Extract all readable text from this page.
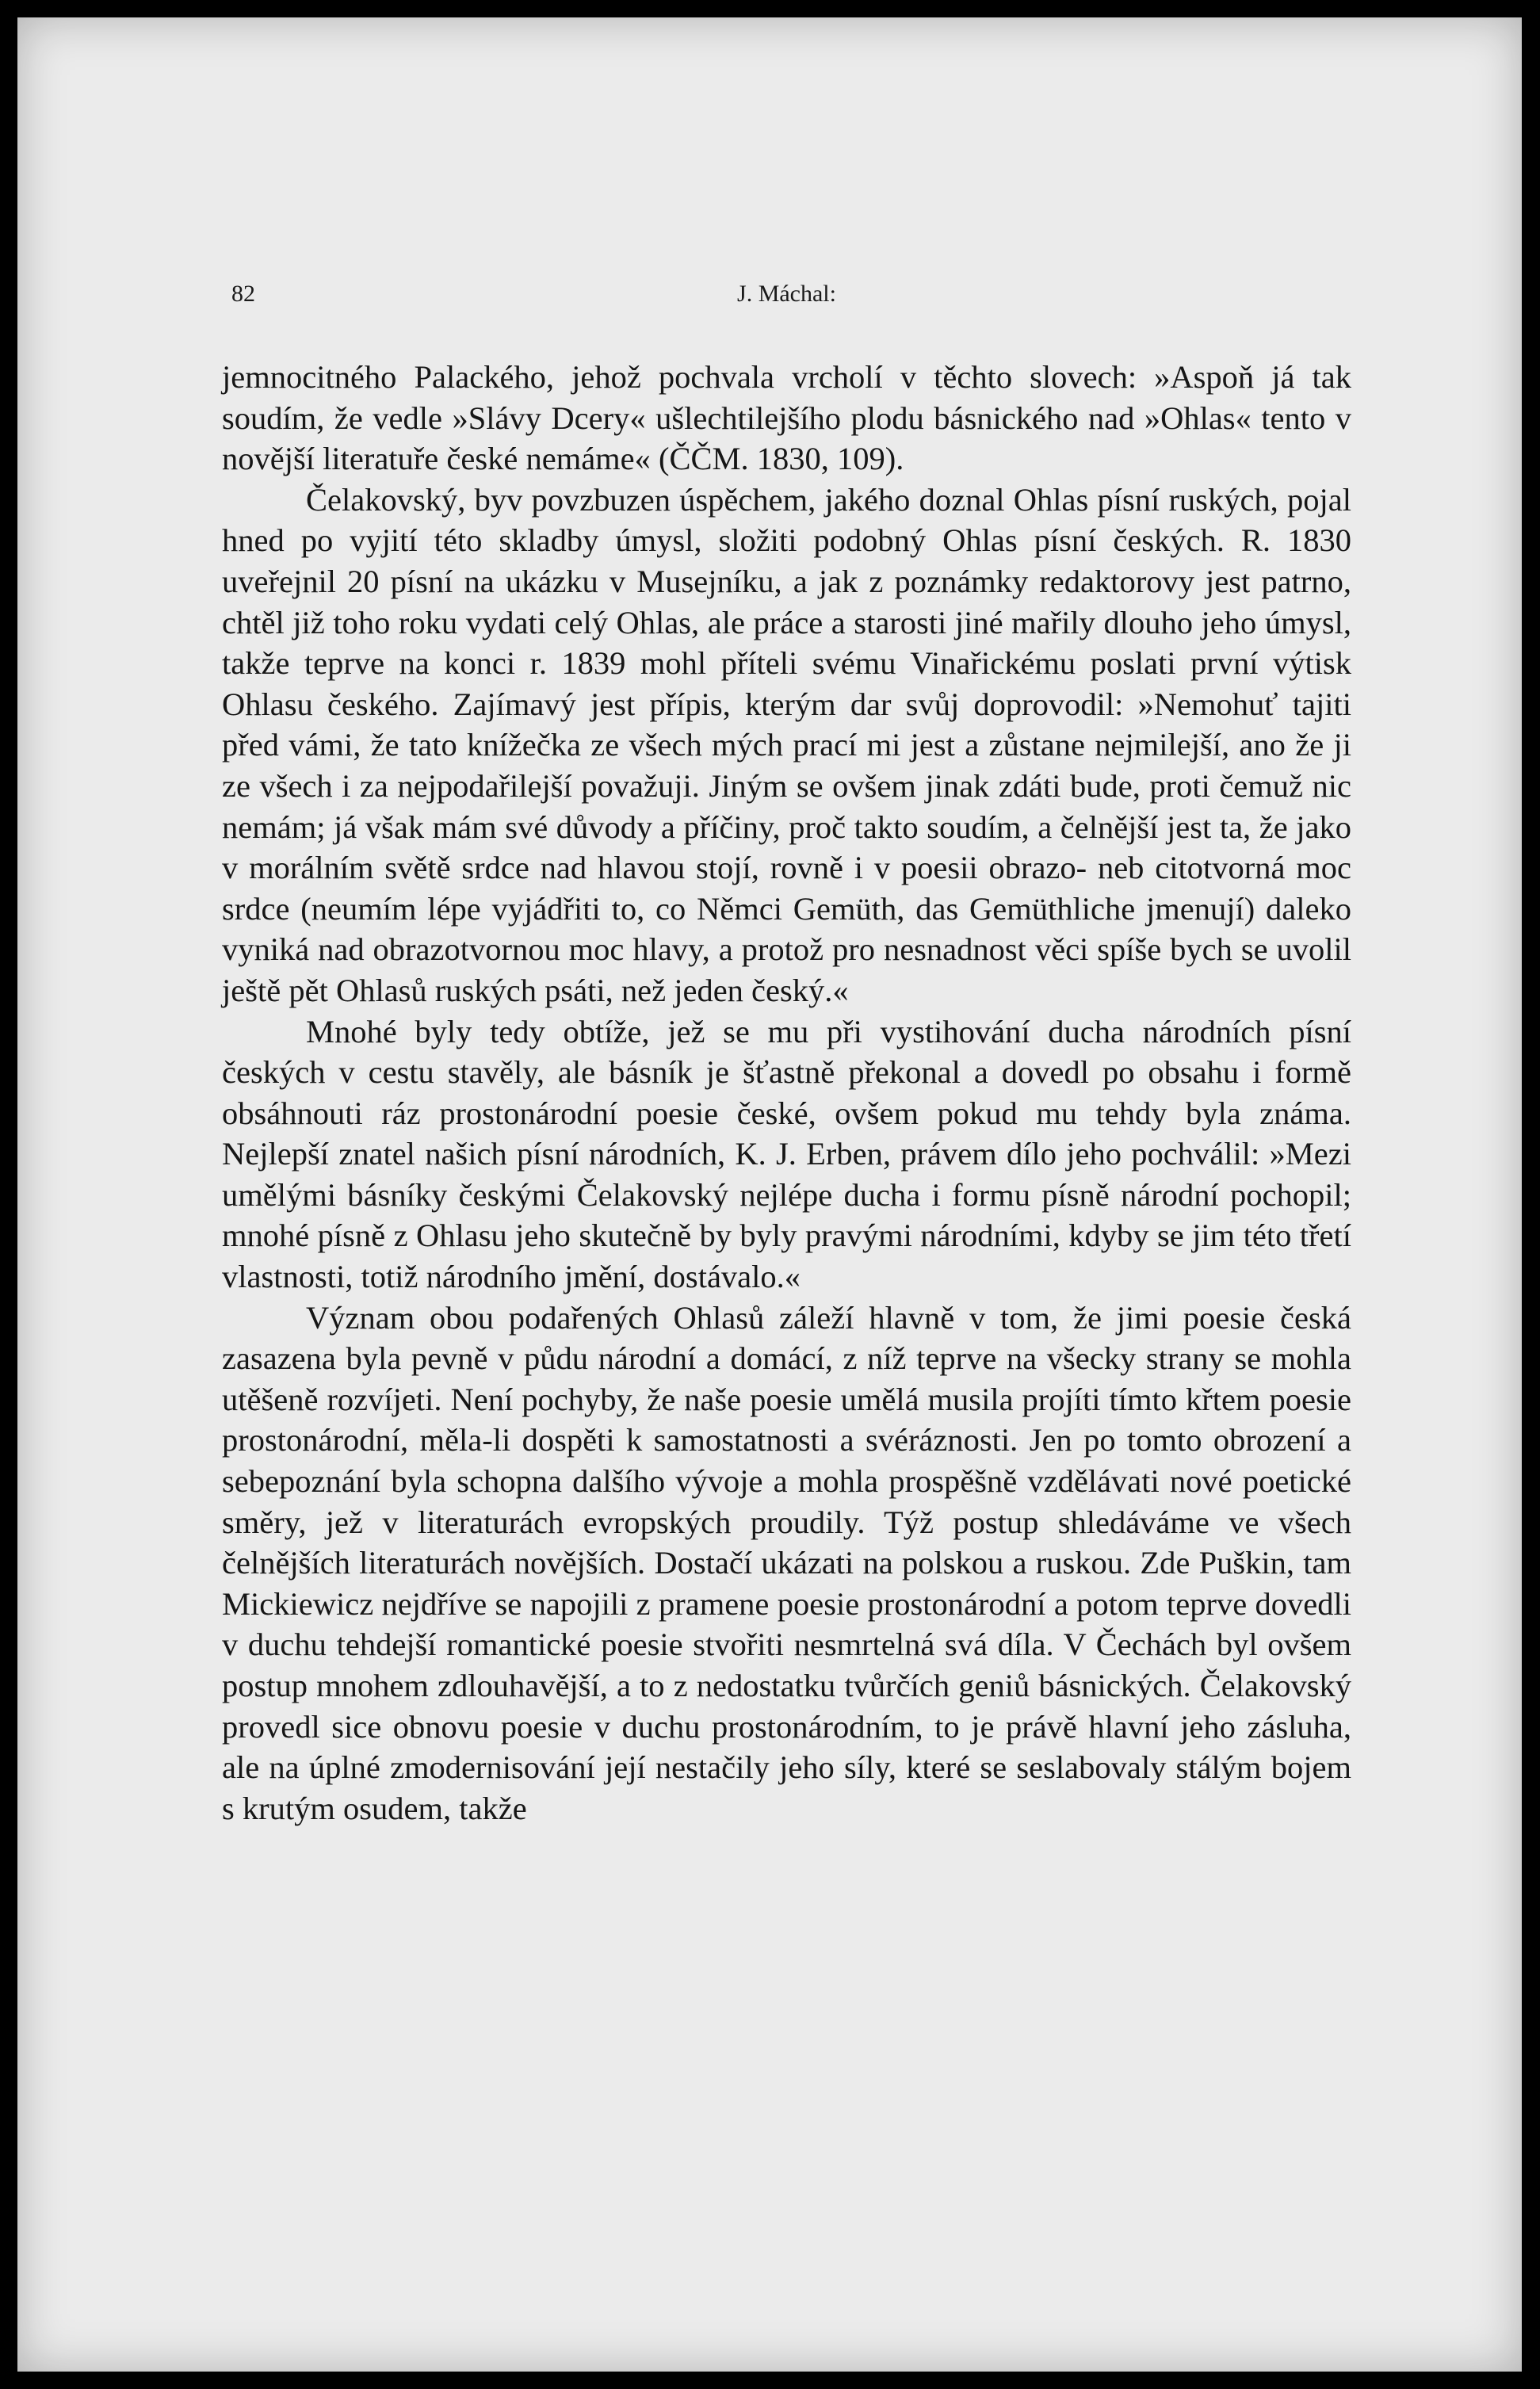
82	J. Máchal:

jemnocitného Palackého, jehož pochvala vrcholí v těchto slovech: »Aspoň já tak soudím, že vedle »Slávy Dcery« ušlechtilejšího plodu básnického nad »Ohlas« tento v novější literatuře české nemáme« (ČČM. 1830, 109).

Čelakovský, byv povzbuzen úspěchem, jakého doznal Ohlas písní ruských, pojal hned po vyjití této skladby úmysl, složiti podobný Ohlas písní českých. R. 1830 uveřejnil 20 písní na ukázku v Musejníku, a jak z poznámky redaktorovy jest patrno, chtěl již toho roku vydati celý Ohlas, ale práce a starosti jiné mařily dlouho jeho úmysl, takže teprve na konci r. 1839 mohl příteli svému Vinařickému poslati první výtisk Ohlasu českého. Zajímavý jest přípis, kterým dar svůj doprovodil: »Nemohuť tajiti před vámi, že tato knížečka ze všech mých prací mi jest a zůstane nejmilejší, ano že ji ze všech i za nejpodařilejší považuji. Jiným se ovšem jinak zdáti bude, proti čemuž nic nemám; já však mám své důvody a příčiny, proč takto soudím, a čelnější jest ta, že jako v morálním světě srdce nad hlavou stojí, rovně i v poesii obrazo- neb citotvorná moc srdce (neumím lépe vyjádřiti to, co Němci Gemüth, das Gemüthliche jmenují) daleko vyniká nad obrazotvornou moc hlavy, a protož pro nesnadnost věci spíše bych se uvolil ještě pět Ohlasů ruských psáti, než jeden český.«

Mnohé byly tedy obtíže, jež se mu při vystihování ducha národních písní českých v cestu stavěly, ale básník je šťastně překonal a dovedl po obsahu i formě obsáhnouti ráz prostonárodní poesie české, ovšem pokud mu tehdy byla známa. Nejlepší znatel našich písní národních, K. J. Erben, právem dílo jeho pochválil: »Mezi umělými básníky českými Čelakovský nejlépe ducha i formu písně národní pochopil; mnohé písně z Ohlasu jeho skutečně by byly pravými národními, kdyby se jim této třetí vlastnosti, totiž národního jmění, dostávalo.«

Význam obou podařených Ohlasů záleží hlavně v tom, že jimi poesie česká zasazena byla pevně v půdu národní a domácí, z níž teprve na všecky strany se mohla utěšeně rozvíjeti. Není pochyby, že naše poesie umělá musila projíti tímto křtem poesie prostonárodní, měla-li dospěti k samostatnosti a svéráznosti. Jen po tomto obrození a sebepoznání byla schopna dalšího vývoje a mohla prospěšně vzdělávati nové poetické směry, jež v literaturách evropských proudily. Týž postup shledáváme ve všech čelnějších literaturách novějších. Dostačí ukázati na polskou a ruskou. Zde Puškin, tam Mickiewicz nejdříve se napojili z pramene poesie prostonárodní a potom teprve dovedli v duchu tehdejší romantické poesie stvořiti nesmrtelná svá díla. V Čechách byl ovšem postup mnohem zdlouhavější, a to z nedostatku tvůrčích geniů básnických. Čelakovský provedl sice obnovu poesie v duchu prostonárodním, to je právě hlavní jeho zásluha, ale na úplné zmodernisování její nestačily jeho síly, které se seslabovaly stálým bojem s krutým osudem, takže
